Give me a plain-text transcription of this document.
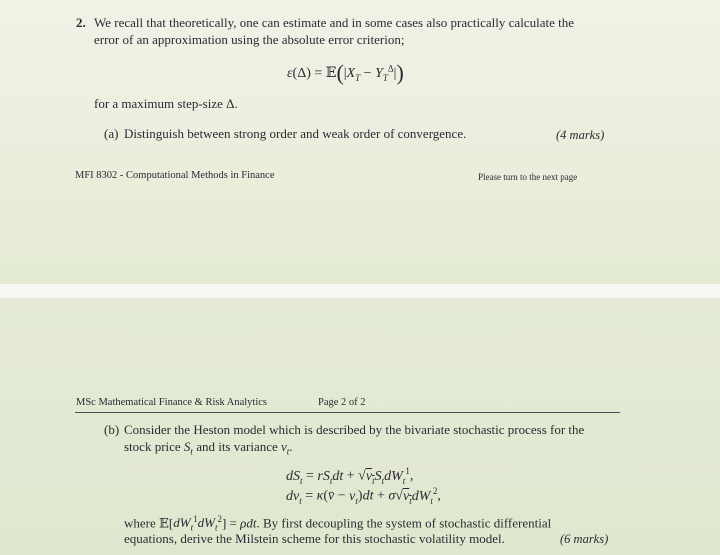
2. We recall that theoretically, one can estimate and in some cases also practically calculate the
error of an approximation using the absolute error criterion;
$\varepsilon(\Delta) = 𝔼(|X_T - Y_T^\Delta|)$
for a maximum step-size Δ.
(a) Distinguish between strong order and weak order of convergence.	(4 marks)
MFI 8302 - Computational Methods in Finance	Please turn to the next page
MSc Mathematical Finance & Risk Analytics	Page 2 of 2
(b) Consider the Heston model which is described by the bivariate stochastic process for the
stock price $S_t$ and its variance $v_t$.
$dS_t = rS_tdt + √v_tS_tdW_t^1$,
$dv_t$ = κ(v̄ − $v_t)dt + \sigma√v_tdW_t^2$,
where $𝔼[dW_t^1dW_t^2] = \rho dt$. By first decoupling the system of stochastic differential
equations, derive the Milstein scheme for this stochastic volatility model.	(6 marks)
